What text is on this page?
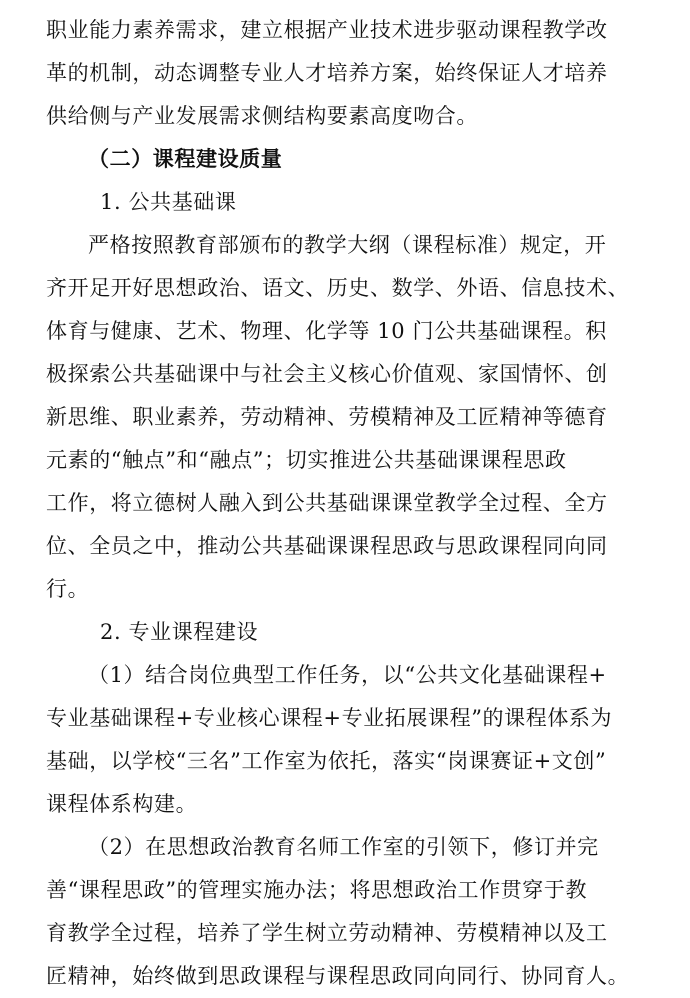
职业能力素养需求，建立根据产业技术进步驱动课程教学改
革的机制，动态调整专业人才培养方案，始终保证人才培养
供给侧与产业发展需求侧结构要素高度吻合。
（二）课程建设质量
1. 公共基础课
严格按照教育部颁布的教学大纲（课程标准）规定，开
齐开足开好思想政治、语文、历史、数学、外语、信息技术、
体育与健康、艺术、物理、化学等 10 门公共基础课程。积
极探索公共基础课中与社会主义核心价值观、家国情怀、创
新思维、职业素养，劳动精神、劳模精神及工匠精神等德育
元素的“触点”和“融点”；切实推进公共基础课课程思政
工作，将立德树人融入到公共基础课课堂教学全过程、全方
位、全员之中，推动公共基础课课程思政与思政课程同向同
行。
2. 专业课程建设
（1）结合岗位典型工作任务，以“公共文化基础课程+
专业基础课程+专业核心课程+专业拓展课程”的课程体系为
基础，以学校“三名”工作室为依托，落实“岗课赛证+文创”
课程体系构建。
（2）在思想政治教育名师工作室的引领下，修订并完
善“课程思政”的管理实施办法；将思想政治工作贯穿于教
育教学全过程，培养了学生树立劳动精神、劳模精神以及工
匠精神，始终做到思政课程与课程思政同向同行、协同育人。
